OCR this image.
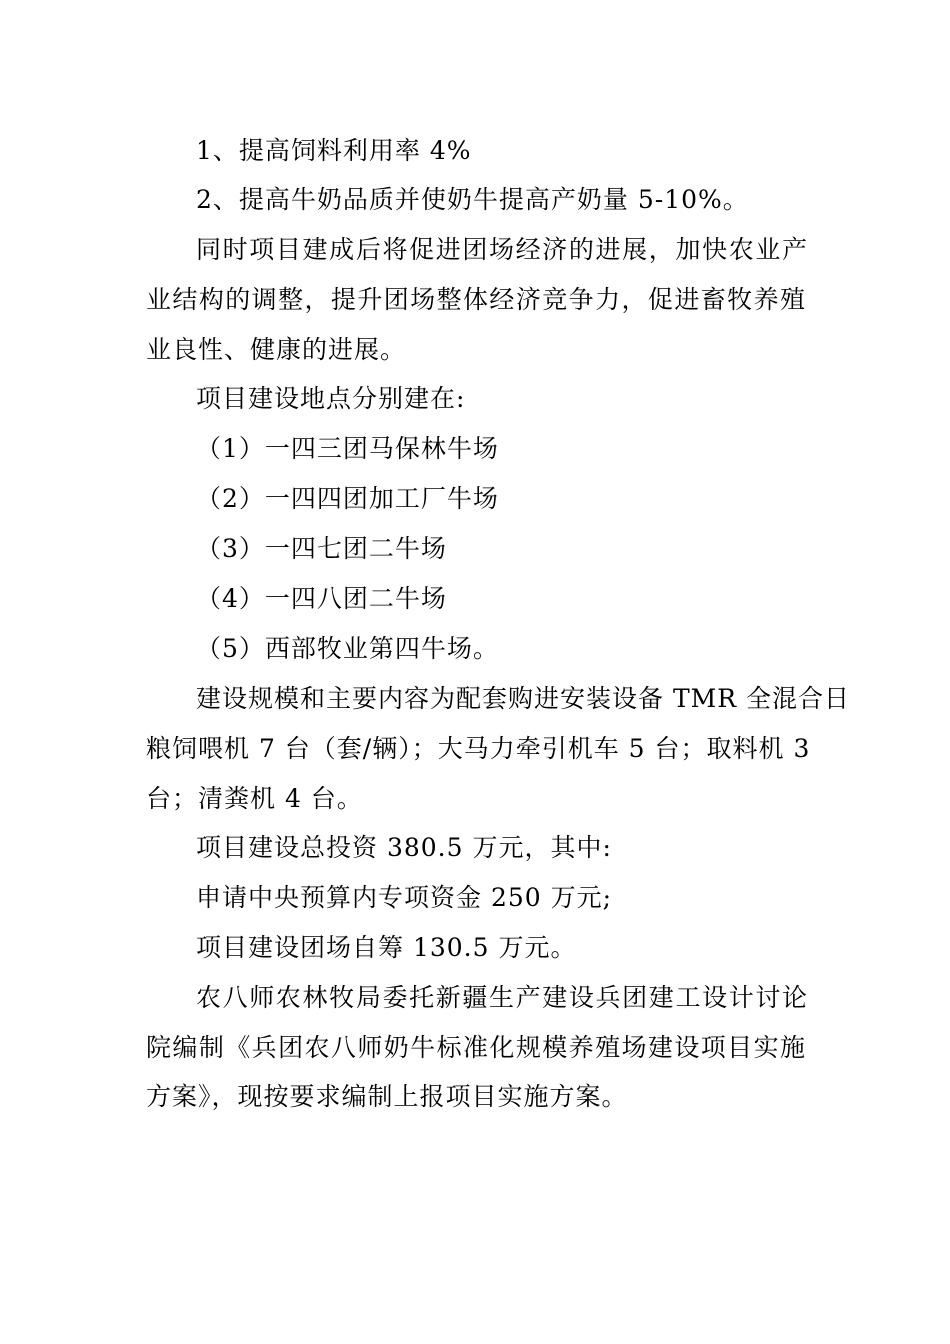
1、提高饲料利用率 4%
2、提高牛奶品质并使奶牛提高产奶量 5-10%。
同时项目建成后将促进团场经济的进展，加快农业产
业结构的调整，提升团场整体经济竞争力，促进畜牧养殖
业良性、健康的进展。
项目建设地点分别建在:
（1）一四三团马保林牛场
（2）一四四团加工厂牛场
（3）一四七团二牛场
（4）一四八团二牛场
（5）西部牧业第四牛场。
建设规模和主要内容为配套购进安装设备 TMR 全混合日
粮饲喂机 7 台（套/辆）；大马力牵引机车 5 台；取料机 3
台；清粪机 4 台。
项目建设总投资 380.5 万元，其中:
申请中央预算内专项资金 250 万元;
项目建设团场自筹 130.5 万元。
农八师农林牧局委托新疆生产建设兵团建工设计讨论
院编制《兵团农八师奶牛标准化规模养殖场建设项目实施
方案》，现按要求编制上报项目实施方案。
